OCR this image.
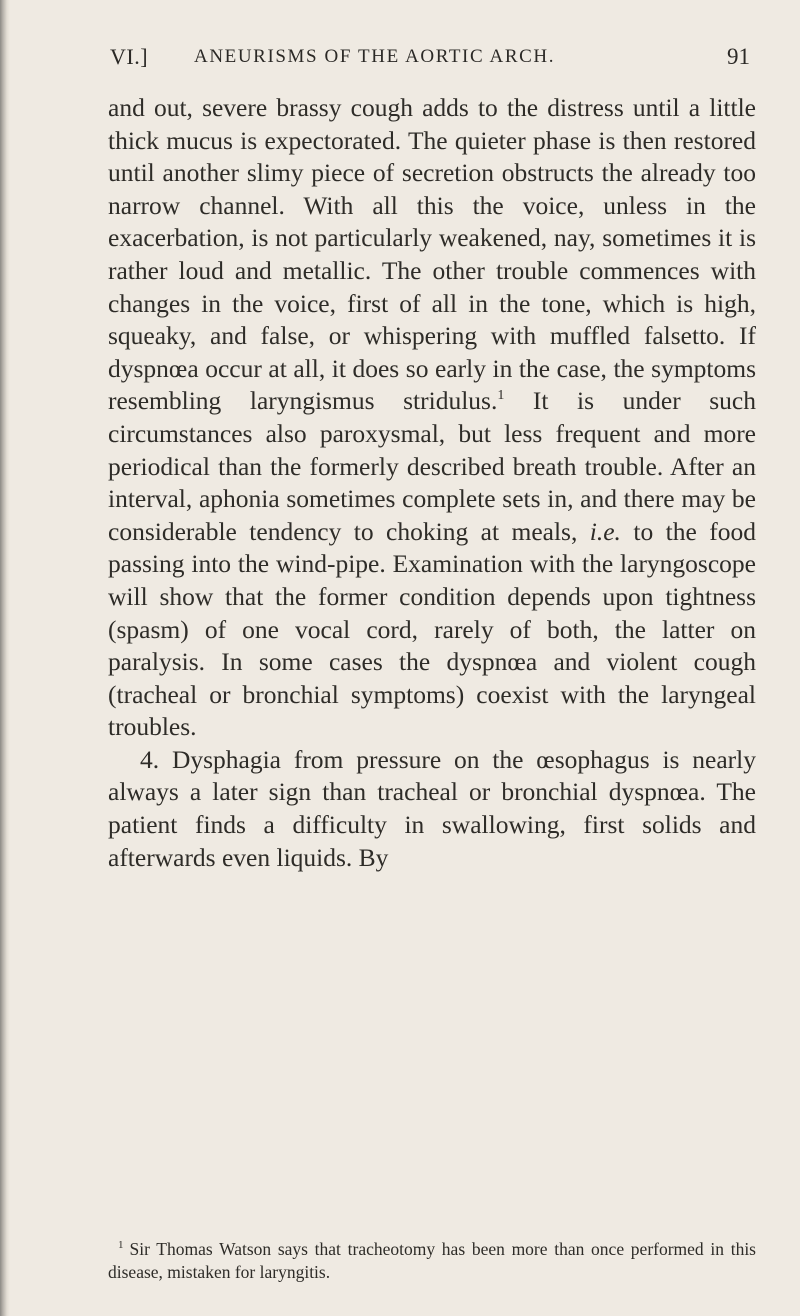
VI.] ANEURISMS OF THE AORTIC ARCH.	91

and out, severe brassy cough adds to the distress until a little thick mucus is expectorated. The quieter phase is then restored until another slimy piece of secretion obstructs the already too narrow channel. With all this the voice, unless in the exacerbation, is not particularly weakened, nay, sometimes it is rather loud and metallic. The other trouble commences with changes in the voice, first of all in the tone, which is high, squeaky, and false, or whispering with muffled falsetto. If dyspnœa occur at all, it does so early in the case, the symptoms resembling laryngismus stridulus.$^1$ It is under such circumstances also paroxysmal, but less frequent and more periodical than the formerly described breath trouble. After an interval, aphonia sometimes complete sets in, and there may be considerable tendency to choking at meals, i.e. to the food passing into the wind-pipe. Examination with the laryngoscope will show that the former condition depends upon tightness (spasm) of one vocal cord, rarely of both, the latter on paralysis. In some cases the dyspnœa and violent cough (tracheal or bronchial symptoms) coexist with the laryngeal troubles.

4. Dysphagia from pressure on the œsophagus is nearly always a later sign than tracheal or bronchial dyspnœa. The patient finds a difficulty in swallowing, first solids and afterwards even liquids. By

$^1$ Sir Thomas Watson says that tracheotomy has been more than once performed in this disease, mistaken for laryngitis.
